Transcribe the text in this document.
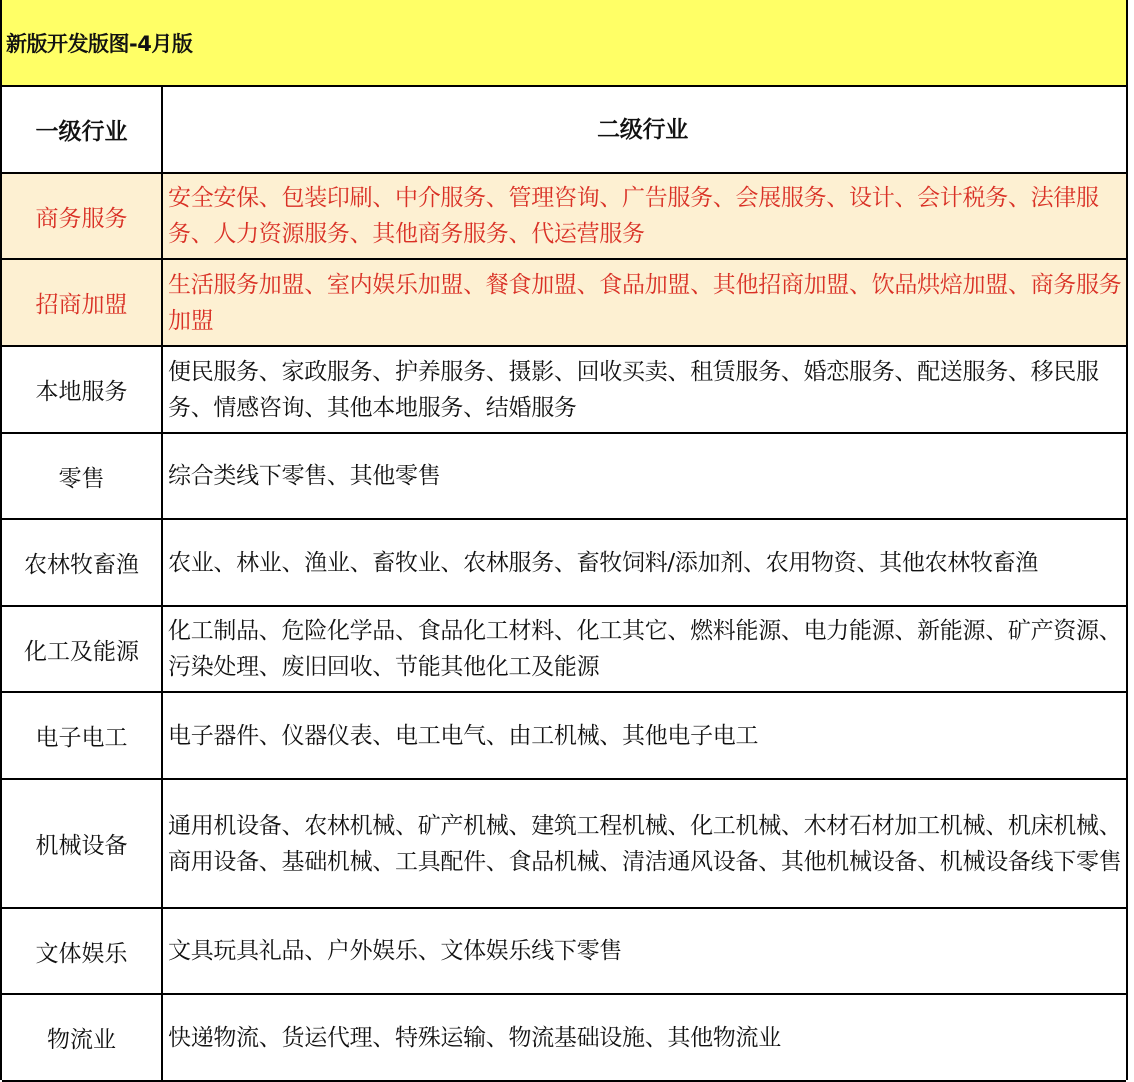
新版开发版图-4月版
一级行业	二级行业
商务服务	安全安保、包装印刷、中介服务、管理咨询、广告服务、会展服务、设计、会计税务、法律服务、人力资源服务、其他商务服务、代运营服务
招商加盟	生活服务加盟、室内娱乐加盟、餐食加盟、食品加盟、其他招商加盟、饮品烘焙加盟、商务服务加盟
本地服务	便民服务、家政服务、护养服务、摄影、回收买卖、租赁服务、婚恋服务、配送服务、移民服务、情感咨询、其他本地服务、结婚服务
零售	综合类线下零售、其他零售
农林牧畜渔	农业、林业、渔业、畜牧业、农林服务、畜牧饲料/添加剂、农用物资、其他农林牧畜渔
化工及能源	化工制品、危险化学品、食品化工材料、化工其它、燃料能源、电力能源、新能源、矿产资源、污染处理、废旧回收、节能其他化工及能源
电子电工	电子器件、仪器仪表、电工电气、由工机械、其他电子电工
机械设备	通用机设备、农林机械、矿产机械、建筑工程机械、化工机械、木材石材加工机械、机床机械、商用设备、基础机械、工具配件、食品机械、清洁通风设备、其他机械设备、机械设备线下零售
文体娱乐	文具玩具礼品、户外娱乐、文体娱乐线下零售
物流业	快递物流、货运代理、特殊运输、物流基础设施、其他物流业
